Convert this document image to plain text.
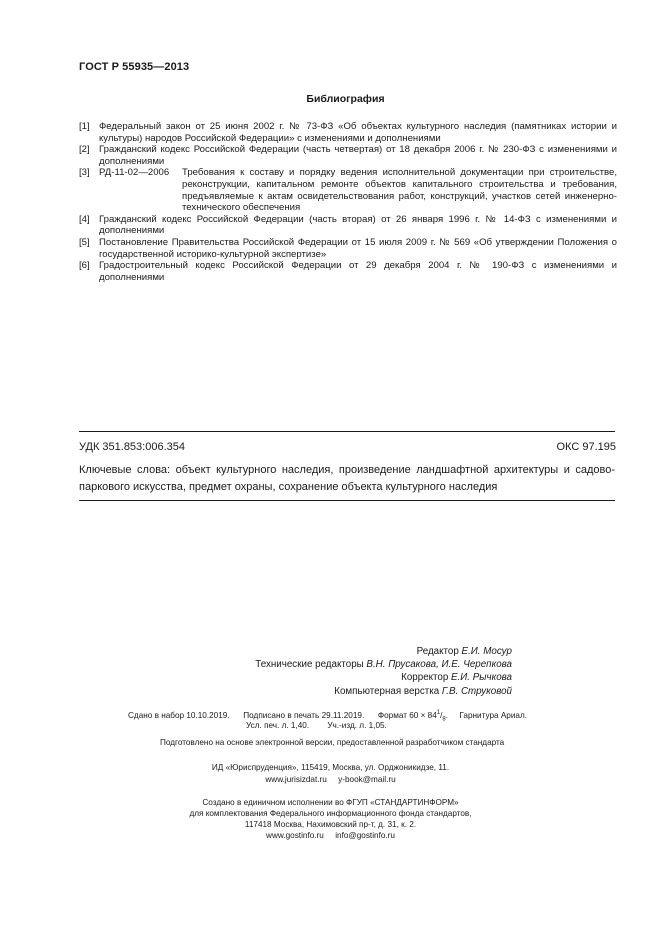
ГОСТ Р 55935—2013
Библиография
[1] Федеральный закон от 25 июня 2002 г. № 73-ФЗ «Об объектах культурного наследия (памятниках истории и культуры) народов Российской Федерации» с изменениями и дополнениями
[2] Гражданский кодекс Российской Федерации (часть четвертая) от 18 декабря 2006 г. № 230-ФЗ с изменениями и дополнениями
[3] РД-11-02—2006	Требования к составу и порядку ведения исполнительной документации при строительстве, реконструкции, капитальном ремонте объектов капитального строительства и требования, предъявляемые к актам освидетельствования работ, конструкций, участков сетей инженерно-технического обеспечения
[4] Гражданский кодекс Российской Федерации (часть вторая) от 26 января 1996 г. № 14-ФЗ с изменениями и дополнениями
[5] Постановление Правительства Российской Федерации от 15 июля 2009 г. № 569 «Об утверждении Положения о государственной историко-культурной экспертизе»
[6] Градостроительный кодекс Российской Федерации от 29 декабря 2004 г. № 190-ФЗ с изменениями и дополнениями
УДК 351.853:006.354	ОКС 97.195
Ключевые слова: объект культурного наследия, произведение ландшафтной архитектуры и садово-
паркового искусства, предмет охраны, сохранение объекта культурного наследия
Редактор Е.И. Мосур
Технические редакторы В.Н. Прусакова, И.Е. Черепкова
Корректор Е.И. Рычкова
Компьютерная верстка Г.В. Струковой
Сдано в набор 10.10.2019. Подписано в печать 29.11.2019. Формат $60 \times 84^1/_8$.     Гарнитура Ариал.
Усл. печ. л. 1,40. Уч.-изд. л. 1,05.
Подготовлено на основе электронной версии, предоставленной разработчиком стандарта
ИД «Юриспруденция», 115419, Москва, ул. Орджоникидзе, 11.
www.jurisizdat.ru y-book@mail.ru
Создано в единичном исполнении во ФГУП «СТАНДАРТИНФОРМ»
для комплектования Федерального информационного фонда стандартов,
117418 Москва, Нахимовский пр-т, д. 31, к. 2.
www.gostinfo.ru info@gostinfo.ru
